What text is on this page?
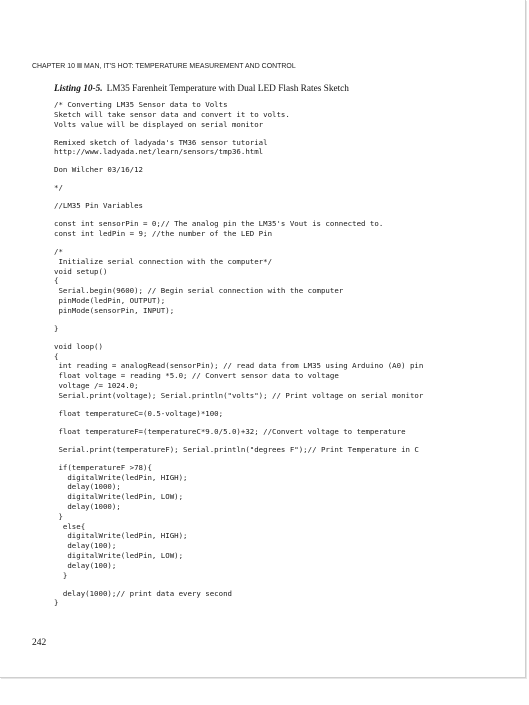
CHAPTER 10 MAN, IT'S HOT: TEMPERATURE MEASUREMENT AND CONTROL
Listing 10-5. LM35 Farenheit Temperature with Dual LED Flash Rates Sketch
/* Converting LM35 Sensor data to Volts
Sketch will take sensor data and convert it to volts.
Volts value will be displayed on serial monitor
Remixed sketch of ladyada's TM36 sensor tutorial
http://www.ladyada.net/learn/sensors/tmp36.html
Don Wilcher 03/16/12
*/
//LM35 Pin Variables
const int sensorPin = 0;// The analog pin the LM35's Vout is connected to.
const int ledPin = 9; //the number of the LED Pin
/*
Initialize serial connection with the computer*/
void setup()
{
Serial.begin(9600); // Begin serial connection with the computer
pinMode(ledPin, OUTPUT);
pinMode(sensorPin, INPUT);
}
void loop()
{
int reading = analogRead(sensorPin); // read data from LM35 using Arduino (A0) pin
float voltage = reading *5.0; // Convert sensor data to voltage
voltage /= 1024.0;
Serial.print(voltage); Serial.println("volts"); // Print voltage on serial monitor
float temperatureC=(0.5-voltage)*100;
float temperatureF=(temperatureC*9.0/5.0)+32; //Convert voltage to temperature
Serial.print(temperatureF); Serial.println("degrees F");// Print Temperature in C
if(temperatureF >78){
digitalWrite(ledPin, HIGH);
delay(1000);
digitalWrite(ledPin, LOW);
delay(1000);
}
else{
digitalWrite(ledPin, HIGH);
delay(100);
digitalWrite(ledPin, LOW);
delay(100);
}
delay(1000);// print data every second
}
242
